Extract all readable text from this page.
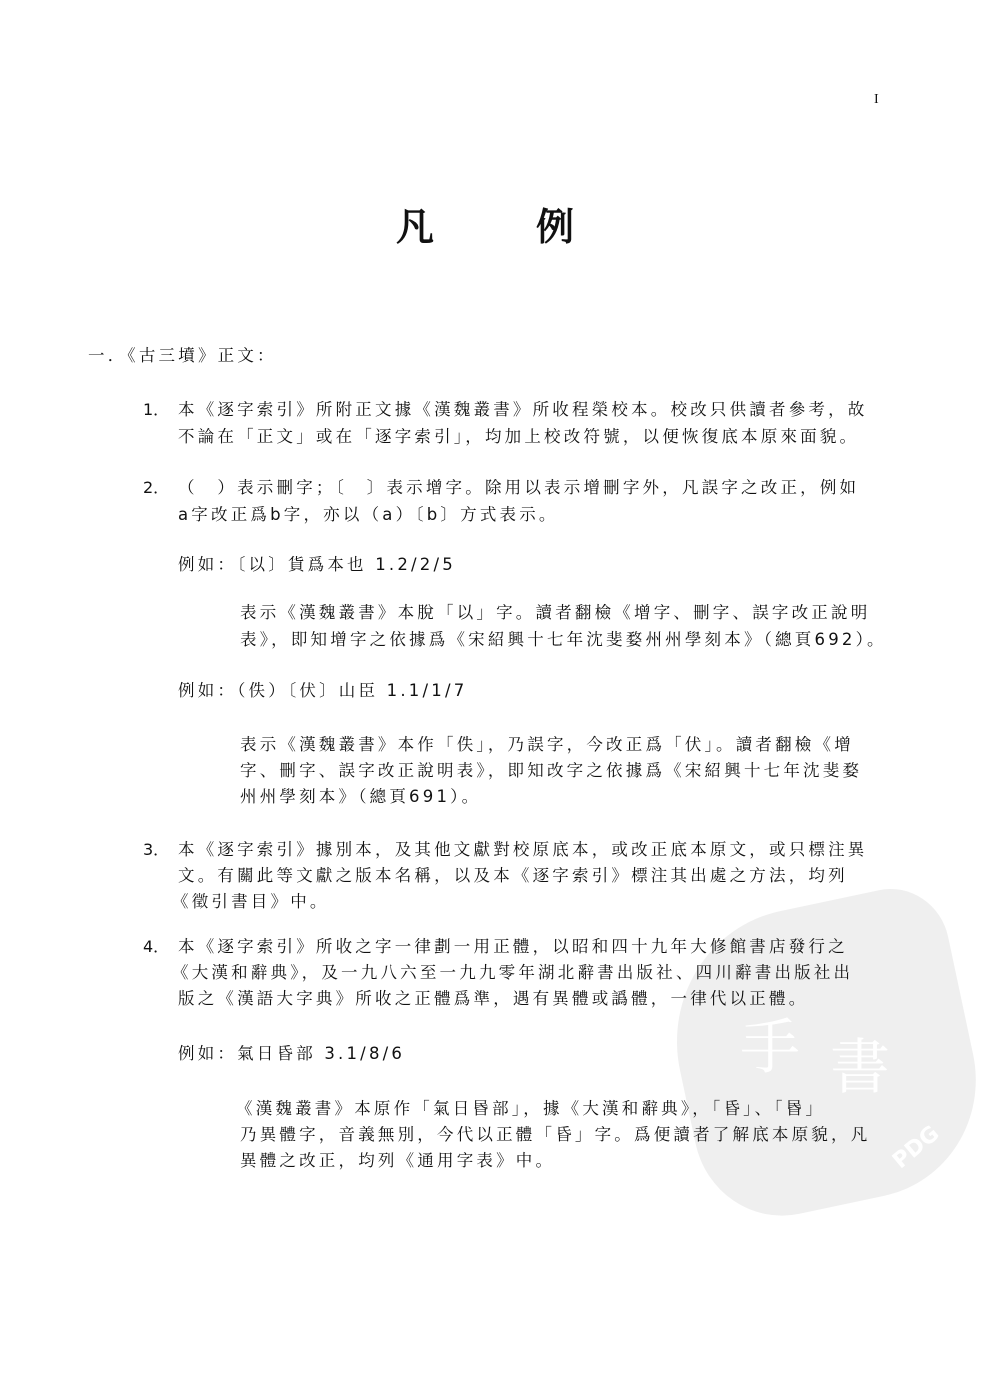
手 書
PDG
I
凡	例
一．《古三墳》正文：
1． 本《逐字索引》所附正文據《漢魏叢書》所收程榮校本。校改只供讀者參考，故
不論在「正文」或在「逐字索引」，均加上校改符號，以便恢復底本原來面貌。
2． （　）表示刪字；〔　〕表示增字。除用以表示增刪字外，凡誤字之改正，例如
a字改正爲b字，亦以（a）〔b〕方式表示。
例如：〔以〕貨爲本也 1.2/2/5
表示《漢魏叢書》本脫「以」字。讀者翻檢《增字、刪字、誤字改正說明
表》，即知增字之依據爲《宋紹興十七年沈斐婺州州學刻本》（總頁692）。
例如：（佚）〔伏〕山臣 1.1/1/7
表示《漢魏叢書》本作「佚」，乃誤字，今改正爲「伏」。讀者翻檢《增
字、刪字、誤字改正說明表》，即知改字之依據爲《宋紹興十七年沈斐婺
州州學刻本》（總頁691）。
3． 本《逐字索引》據別本，及其他文獻對校原底本，或改正底本原文，或只標注異
文。有關此等文獻之版本名稱，以及本《逐字索引》標注其出處之方法，均列
《徵引書目》中。
4． 本《逐字索引》所收之字一律劃一用正體，以昭和四十九年大修館書店發行之
《大漢和辭典》，及一九八六至一九九零年湖北辭書出版社、四川辭書出版社出
版之《漢語大字典》所收之正體爲準，遇有異體或譌體，一律代以正體。
例如：氣日昏部 3.1/8/6
《漢魏叢書》本原作「氣日昬部」，據《大漢和辭典》，「昏」、「昬」
乃異體字，音義無別，今代以正體「昏」字。爲便讀者了解底本原貌，凡
異體之改正，均列《通用字表》中。
